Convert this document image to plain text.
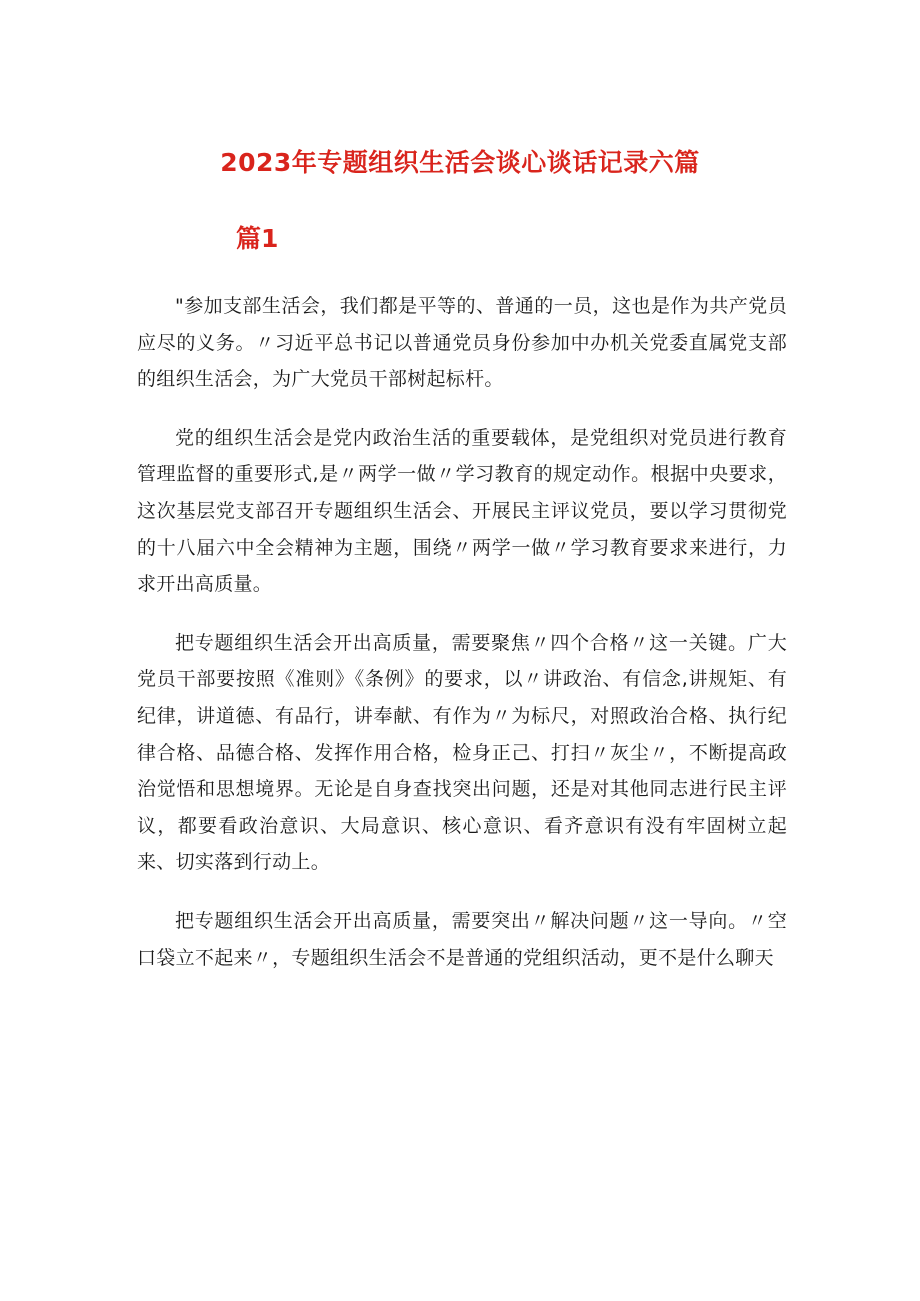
2023年专题组织生活会谈心谈话记录六篇
篇1

"参加支部生活会，我们都是平等的、普通的一员，这也是作为共产党员应尽的义务。〃习近平总书记以普通党员身份参加中办机关党委直属党支部的组织生活会，为广大党员干部树起标杆。

党的组织生活会是党内政治生活的重要载体，是党组织对党员进行教育管理监督的重要形式,是〃两学一做〃学习教育的规定动作。根据中央要求，这次基层党支部召开专题组织生活会、开展民主评议党员，要以学习贯彻党的十八届六中全会精神为主题，围绕〃两学一做〃学习教育要求来进行，力求开出高质量。

把专题组织生活会开出高质量，需要聚焦〃四个合格〃这一关键。广大党员干部要按照《准则》《条例》的要求，以〃讲政治、有信念,讲规矩、有纪律，讲道德、有品行，讲奉献、有作为〃为标尺，对照政治合格、执行纪律合格、品德合格、发挥作用合格，检身正己、打扫〃灰尘〃，不断提高政治觉悟和思想境界。无论是自身查找突出问题，还是对其他同志进行民主评议，都要看政治意识、大局意识、核心意识、看齐意识有没有牢固树立起来、切实落到行动上。

把专题组织生活会开出高质量，需要突出〃解决问题〃这一导向。〃空口袋立不起来〃，专题组织生活会不是普通的党组织活动，更不是什么聊天
